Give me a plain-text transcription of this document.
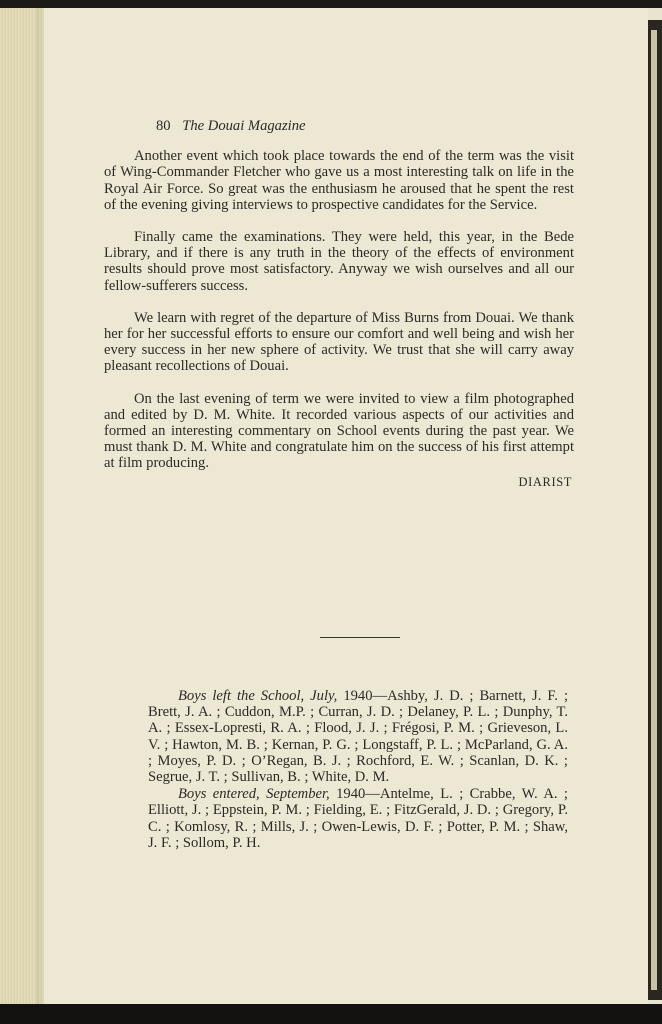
80 The Douai Magazine

Another event which took place towards the end of the term was the visit of Wing-Commander Fletcher who gave us a most interesting talk on life in the Royal Air Force. So great was the enthusiasm he aroused that he spent the rest of the evening giving interviews to prospective candidates for the Service.

Finally came the examinations. They were held, this year, in the Bede Library, and if there is any truth in the theory of the effects of environment results should prove most satisfactory. Anyway we wish ourselves and all our fellow-sufferers success.

We learn with regret of the departure of Miss Burns from Douai. We thank her for her successful efforts to ensure our comfort and well being and wish her every success in her new sphere of activity. We trust that she will carry away pleasant recollections of Douai.

On the last evening of term we were invited to view a film photographed and edited by D. M. White. It recorded various aspects of our activities and formed an interesting commentary on School events during the past year. We must thank D. M. White and congratulate him on the success of his first attempt at film producing.

DIARIST

Boys left the School, July, 1940—Ashby, J. D. ; Barnett, J. F. ; Brett, J. A. ; Cuddon, M.P. ; Curran, J. D. ; Delaney, P. L. ; Dunphy, T. A. ; Essex-Lopresti, R. A. ; Flood, J. J. ; Frégosi, P. M. ; Grieveson, L. V. ; Hawton, M. B. ; Kernan, P. G. ; Longstaff, P. L. ; McParland, G. A. ; Moyes, P. D. ; O’Regan, B. J. ; Rochford, E. W. ; Scanlan, D. K. ; Segrue, J. T. ; Sullivan, B. ; White, D. M.

Boys entered, September, 1940—Antelme, L. ; Crabbe, W. A. ; Elliott, J. ; Eppstein, P. M. ; Fielding, E. ; FitzGerald, J. D. ; Gregory, P. C. ; Komlosy, R. ; Mills, J. ; Owen-Lewis, D. F. ; Potter, P. M. ; Shaw, J. F. ; Sollom, P. H.
